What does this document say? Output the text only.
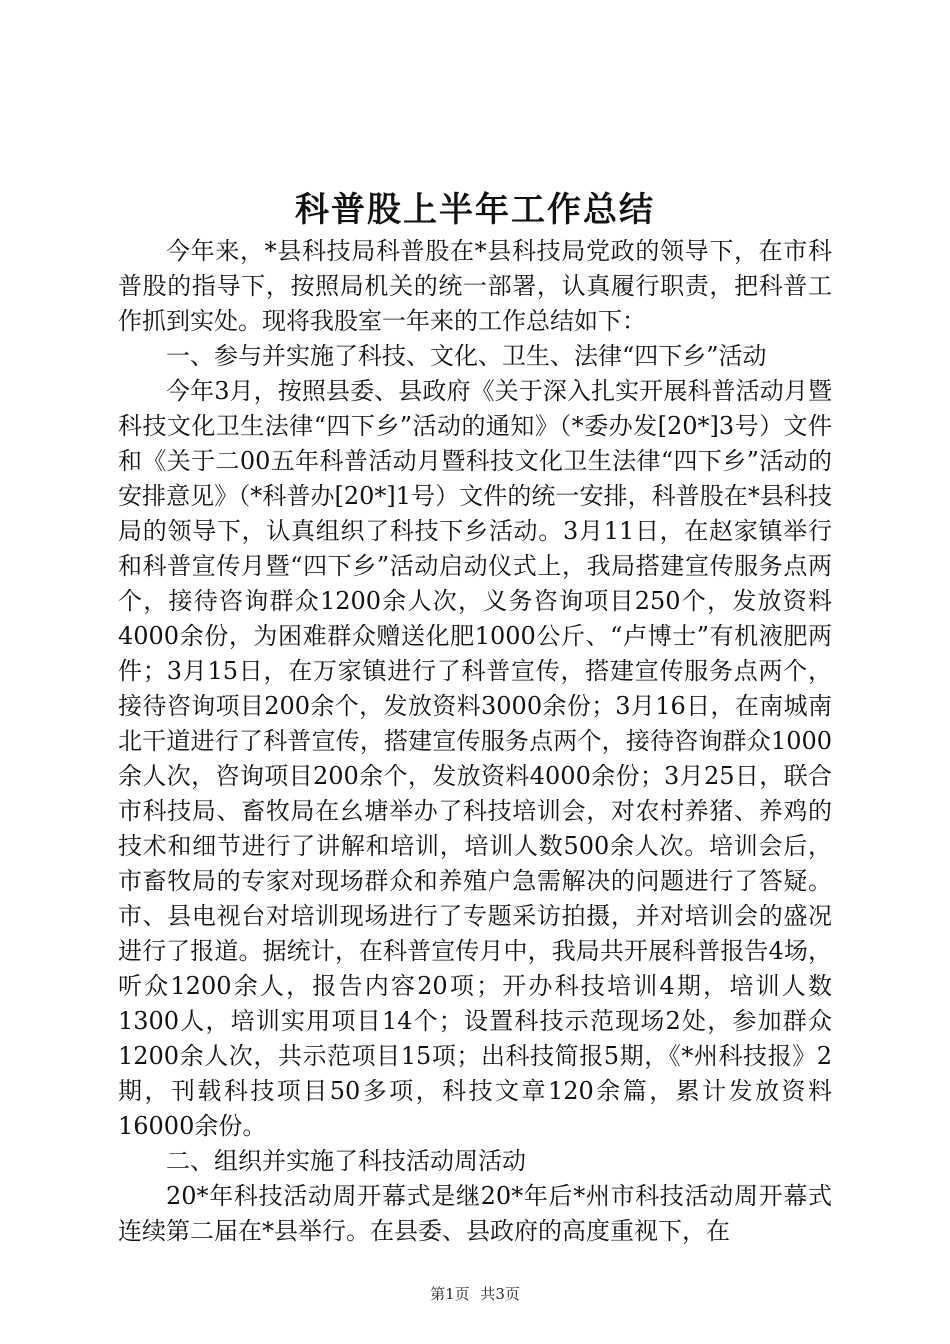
科普股上半年工作总结

今年来，*县科技局科普股在*县科技局党政的领导下，在市科普股的指导下，按照局机关的统一部署，认真履行职责，把科普工作抓到实处。现将我股室一年来的工作总结如下：

一、参与并实施了科技、文化、卫生、法律“四下乡”活动

今年3月，按照县委、县政府《关于深入扎实开展科普活动月暨科技文化卫生法律“四下乡”活动的通知》（*委办发[20*]3号）文件和《关于二00五年科普活动月暨科技文化卫生法律“四下乡”活动的安排意见》（*科普办[20*]1号）文件的统一安排，科普股在*县科技局的领导下，认真组织了科技下乡活动。3月11日，在赵家镇举行和科普宣传月暨“四下乡”活动启动仪式上，我局搭建宣传服务点两个，接待咨询群众1200余人次，义务咨询项目250个，发放资料4000余份，为困难群众赠送化肥1000公斤、“卢博士”有机液肥两件；3月15日，在万家镇进行了科普宣传，搭建宣传服务点两个，接待咨询项目200余个，发放资料3000余份；3月16日，在南城南北干道进行了科普宣传，搭建宣传服务点两个，接待咨询群众1000余人次，咨询项目200余个，发放资料4000余份；3月25日，联合市科技局、畜牧局在幺塘举办了科技培训会，对农村养猪、养鸡的技术和细节进行了讲解和培训，培训人数500余人次。培训会后，市畜牧局的专家对现场群众和养殖户急需解决的问题进行了答疑。市、县电视台对培训现场进行了专题采访拍摄，并对培训会的盛况进行了报道。据统计，在科普宣传月中，我局共开展科普报告4场，听众1200余人，报告内容20项；开办科技培训4期，培训人数1300人，培训实用项目14个；设置科技示范现场2处，参加群众1200余人次，共示范项目15项；出科技简报5期，《*州科技报》2期，刊载科技项目50多项，科技文章120余篇，累计发放资料16000余份。

二、组织并实施了科技活动周活动

20*年科技活动周开幕式是继20*年后*州市科技活动周开幕式连续第二届在*县举行。在县委、县政府的高度重视下，在

第1页 共3页
